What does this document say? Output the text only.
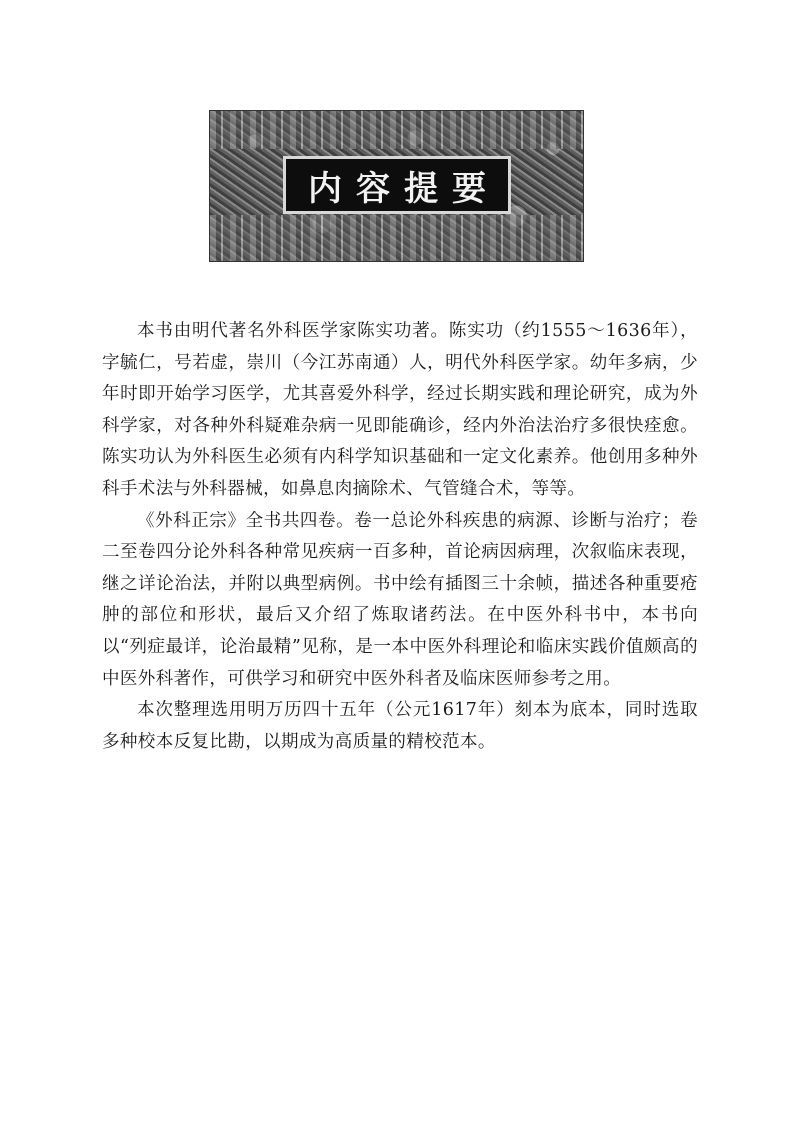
内容提要

本书由明代著名外科医学家陈实功著。陈实功（约1555～1636年），字毓仁，号若虚，崇川（今江苏南通）人，明代外科医学家。幼年多病，少年时即开始学习医学，尤其喜爱外科学，经过长期实践和理论研究，成为外科学家，对各种外科疑难杂病一见即能确诊，经内外治法治疗多很快痊愈。陈实功认为外科医生必须有内科学知识基础和一定文化素养。他创用多种外科手术法与外科器械，如鼻息肉摘除术、气管缝合术，等等。

《外科正宗》全书共四卷。卷一总论外科疾患的病源、诊断与治疗；卷二至卷四分论外科各种常见疾病一百多种，首论病因病理，次叙临床表现，继之详论治法，并附以典型病例。书中绘有插图三十余帧，描述各种重要疮肿的部位和形状，最后又介绍了炼取诸药法。在中医外科书中，本书向以“列症最详，论治最精”见称，是一本中医外科理论和临床实践价值颇高的中医外科著作，可供学习和研究中医外科者及临床医师参考之用。

本次整理选用明万历四十五年（公元1617年）刻本为底本，同时选取多种校本反复比勘，以期成为高质量的精校范本。
